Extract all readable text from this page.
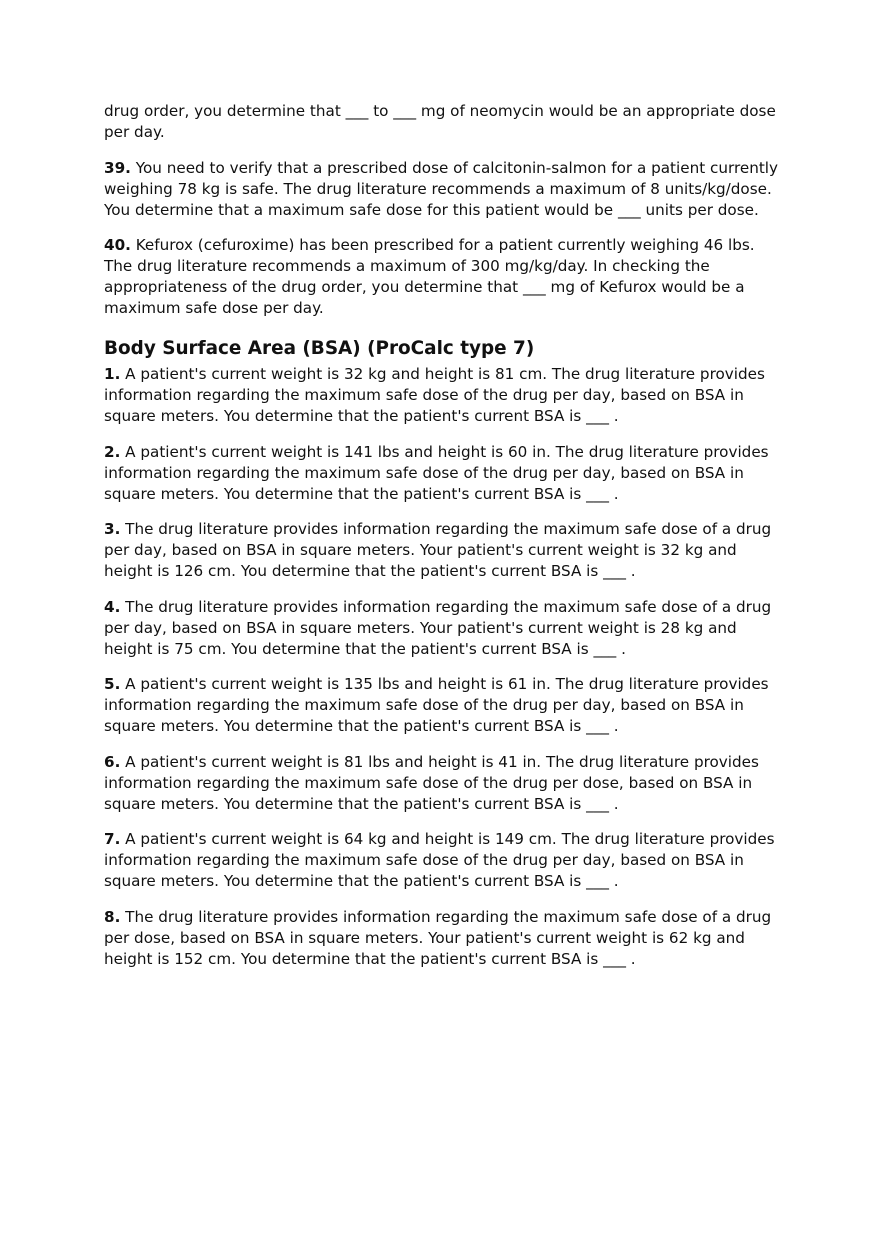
drug order, you determine that ___ to ___ mg of neomycin would be an appropriate dose per day.

39. You need to verify that a prescribed dose of calcitonin-salmon for a patient currently weighing 78 kg is safe. The drug literature recommends a maximum of 8 units/kg/dose. You determine that a maximum safe dose for this patient would be ___ units per dose.

40. Kefurox (cefuroxime) has been prescribed for a patient currently weighing 46 lbs. The drug literature recommends a maximum of 300 mg/kg/day. In checking the appropriateness of the drug order, you determine that ___ mg of Kefurox would be a maximum safe dose per day.

Body Surface Area (BSA) (ProCalc type 7)

1. A patient's current weight is 32 kg and height is 81 cm. The drug literature provides information regarding the maximum safe dose of the drug per day, based on BSA in square meters. You determine that the patient's current BSA is ___ .

2. A patient's current weight is 141 lbs and height is 60 in. The drug literature provides information regarding the maximum safe dose of the drug per day, based on BSA in square meters. You determine that the patient's current BSA is ___ .

3. The drug literature provides information regarding the maximum safe dose of a drug per day, based on BSA in square meters. Your patient's current weight is 32 kg and height is 126 cm. You determine that the patient's current BSA is ___ .

4. The drug literature provides information regarding the maximum safe dose of a drug per day, based on BSA in square meters. Your patient's current weight is 28 kg and height is 75 cm. You determine that the patient's current BSA is ___ .

5. A patient's current weight is 135 lbs and height is 61 in. The drug literature provides information regarding the maximum safe dose of the drug per day, based on BSA in square meters. You determine that the patient's current BSA is ___ .

6. A patient's current weight is 81 lbs and height is 41 in. The drug literature provides information regarding the maximum safe dose of the drug per dose, based on BSA in square meters. You determine that the patient's current BSA is ___ .

7. A patient's current weight is 64 kg and height is 149 cm. The drug literature provides information regarding the maximum safe dose of the drug per day, based on BSA in square meters. You determine that the patient's current BSA is ___ .

8. The drug literature provides information regarding the maximum safe dose of a drug per dose, based on BSA in square meters. Your patient's current weight is 62 kg and height is 152 cm. You determine that the patient's current BSA is ___ .
